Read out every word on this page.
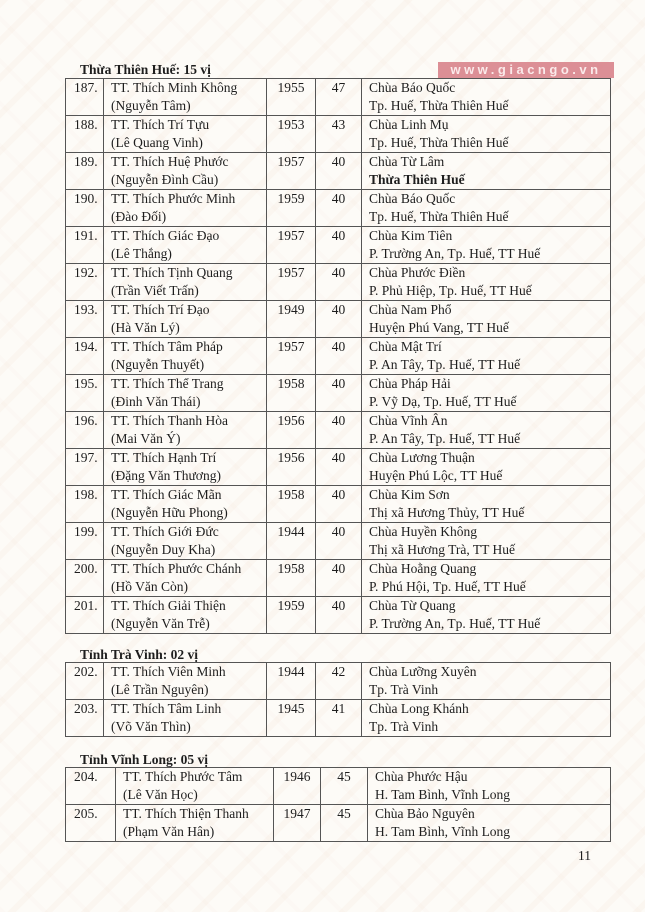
www.giacngo.vn
Thừa Thiên Huế: 15 vị
187.	TT. Thích Minh Không
(Nguyễn Tâm)
	1955	47	Chùa Báo Quốc
Tp. Huế, Thừa Thiên Huế

188.	TT. Thích Trí Tựu
(Lê Quang Vinh)
	1953	43	Chùa Linh Mụ
Tp. Huế, Thừa Thiên Huế

189.	TT. Thích Huệ Phước
(Nguyễn Đình Cầu)
	1957	40	Chùa Từ Lâm
Thừa Thiên Huế

190.	TT. Thích Phước Minh
(Đào Đối)
	1959	40	Chùa Báo Quốc
Tp. Huế, Thừa Thiên Huế

191.	TT. Thích Giác Đạo
(Lê Thắng)
	1957	40	Chùa Kim Tiên
P. Trường An, Tp. Huế, TT Huế

192.	TT. Thích Tịnh Quang
(Trần Viết Trấn)
	1957	40	Chùa Phước Điền
P. Phủ Hiệp, Tp. Huế, TT Huế

193.	TT. Thích Trí Đạo
(Hà Văn Lý)
	1949	40	Chùa Nam Phổ
Huyện Phú Vang, TT Huế

194.	TT. Thích Tâm Pháp
(Nguyễn Thuyết)
	1957	40	Chùa Mật Trí
P. An Tây, Tp. Huế, TT Huế

195.	TT. Thích Thể Trang
(Đinh Văn Thái)
	1958	40	Chùa Pháp Hải
P. Vỹ Dạ, Tp. Huế, TT Huế

196.	TT. Thích Thanh Hòa
(Mai Văn Ý)
	1956	40	Chùa Vĩnh Ân
P. An Tây, Tp. Huế, TT Huế

197.	TT. Thích Hạnh Trí
(Đặng Văn Thương)
	1956	40	Chùa Lương Thuận
Huyện Phú Lộc, TT Huế

198.	TT. Thích Giác Mãn
(Nguyễn Hữu Phong)
	1958	40	Chùa Kim Sơn
Thị xã Hương Thủy, TT Huế

199.	TT. Thích Giới Đức
(Nguyễn Duy Kha)
	1944	40	Chùa Huyền Không
Thị xã Hương Trà, TT Huế

200.	TT. Thích Phước Chánh
(Hồ Văn Còn)
	1958	40	Chùa Hoằng Quang
P. Phú Hội, Tp. Huế, TT Huế

201.	TT. Thích Giải Thiện
(Nguyễn Văn Trễ)
	1959	40	Chùa Từ Quang
P. Trường An, Tp. Huế, TT Huế
Tỉnh Trà Vinh: 02 vị
202.	TT. Thích Viên Minh
(Lê Trần Nguyên)
	1944	42	Chùa Lưỡng Xuyên
Tp. Trà Vinh

203.	TT. Thích Tâm Linh
(Võ Văn Thìn)
	1945	41	Chùa Long Khánh
Tp. Trà Vinh
Tỉnh Vĩnh Long: 05 vị
204.	TT. Thích Phước Tâm
(Lê Văn Học)
	1946	45	Chùa Phước Hậu
H. Tam Bình, Vĩnh Long

205.	TT. Thích Thiện Thanh
(Phạm Văn Hân)
	1947	45	Chùa Bảo Nguyên
H. Tam Bình, Vĩnh Long
11
